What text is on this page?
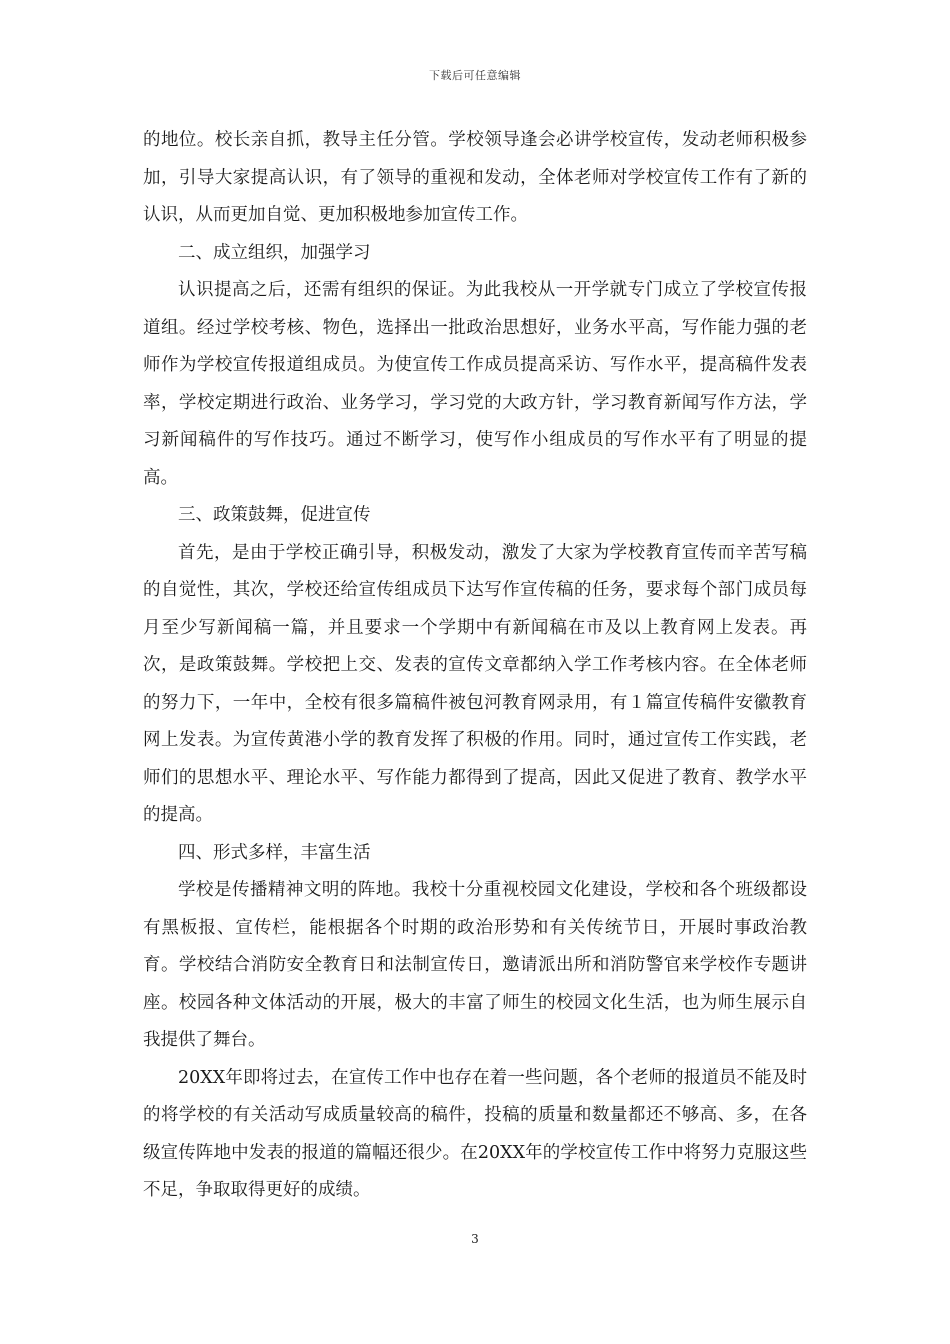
下载后可任意编辑

的地位。校长亲自抓，教导主任分管。学校领导逢会必讲学校宣传，发动老师积极参加，引导大家提高认识，有了领导的重视和发动，全体老师对学校宣传工作有了新的认识，从而更加自觉、更加积极地参加宣传工作。

二、成立组织，加强学习

认识提高之后，还需有组织的保证。为此我校从一开学就专门成立了学校宣传报道组。经过学校考核、物色，选择出一批政治思想好，业务水平高，写作能力强的老师作为学校宣传报道组成员。为使宣传工作成员提高采访、写作水平，提高稿件发表率，学校定期进行政治、业务学习，学习党的大政方针，学习教育新闻写作方法，学习新闻稿件的写作技巧。通过不断学习，使写作小组成员的写作水平有了明显的提高。

三、政策鼓舞，促进宣传

首先，是由于学校正确引导，积极发动，激发了大家为学校教育宣传而辛苦写稿的自觉性，其次，学校还给宣传组成员下达写作宣传稿的任务，要求每个部门成员每月至少写新闻稿一篇，并且要求一个学期中有新闻稿在市及以上教育网上发表。再次，是政策鼓舞。学校把上交、发表的宣传文章都纳入学工作考核内容。在全体老师的努力下，一年中，全校有很多篇稿件被包河教育网录用，有１篇宣传稿件安徽教育网上发表。为宣传黄港小学的教育发挥了积极的作用。同时，通过宣传工作实践，老师们的思想水平、理论水平、写作能力都得到了提高，因此又促进了教育、教学水平的提高。

四、形式多样，丰富生活

学校是传播精神文明的阵地。我校十分重视校园文化建设，学校和各个班级都设有黑板报、宣传栏，能根据各个时期的政治形势和有关传统节日，开展时事政治教育。学校结合消防安全教育日和法制宣传日，邀请派出所和消防警官来学校作专题讲座。校园各种文体活动的开展，极大的丰富了师生的校园文化生活，也为师生展示自我提供了舞台。

20XX年即将过去，在宣传工作中也存在着一些问题，各个老师的报道员不能及时的将学校的有关活动写成质量较高的稿件，投稿的质量和数量都还不够高、多，在各级宣传阵地中发表的报道的篇幅还很少。在20XX年的学校宣传工作中将努力克服这些不足，争取取得更好的成绩。

3
